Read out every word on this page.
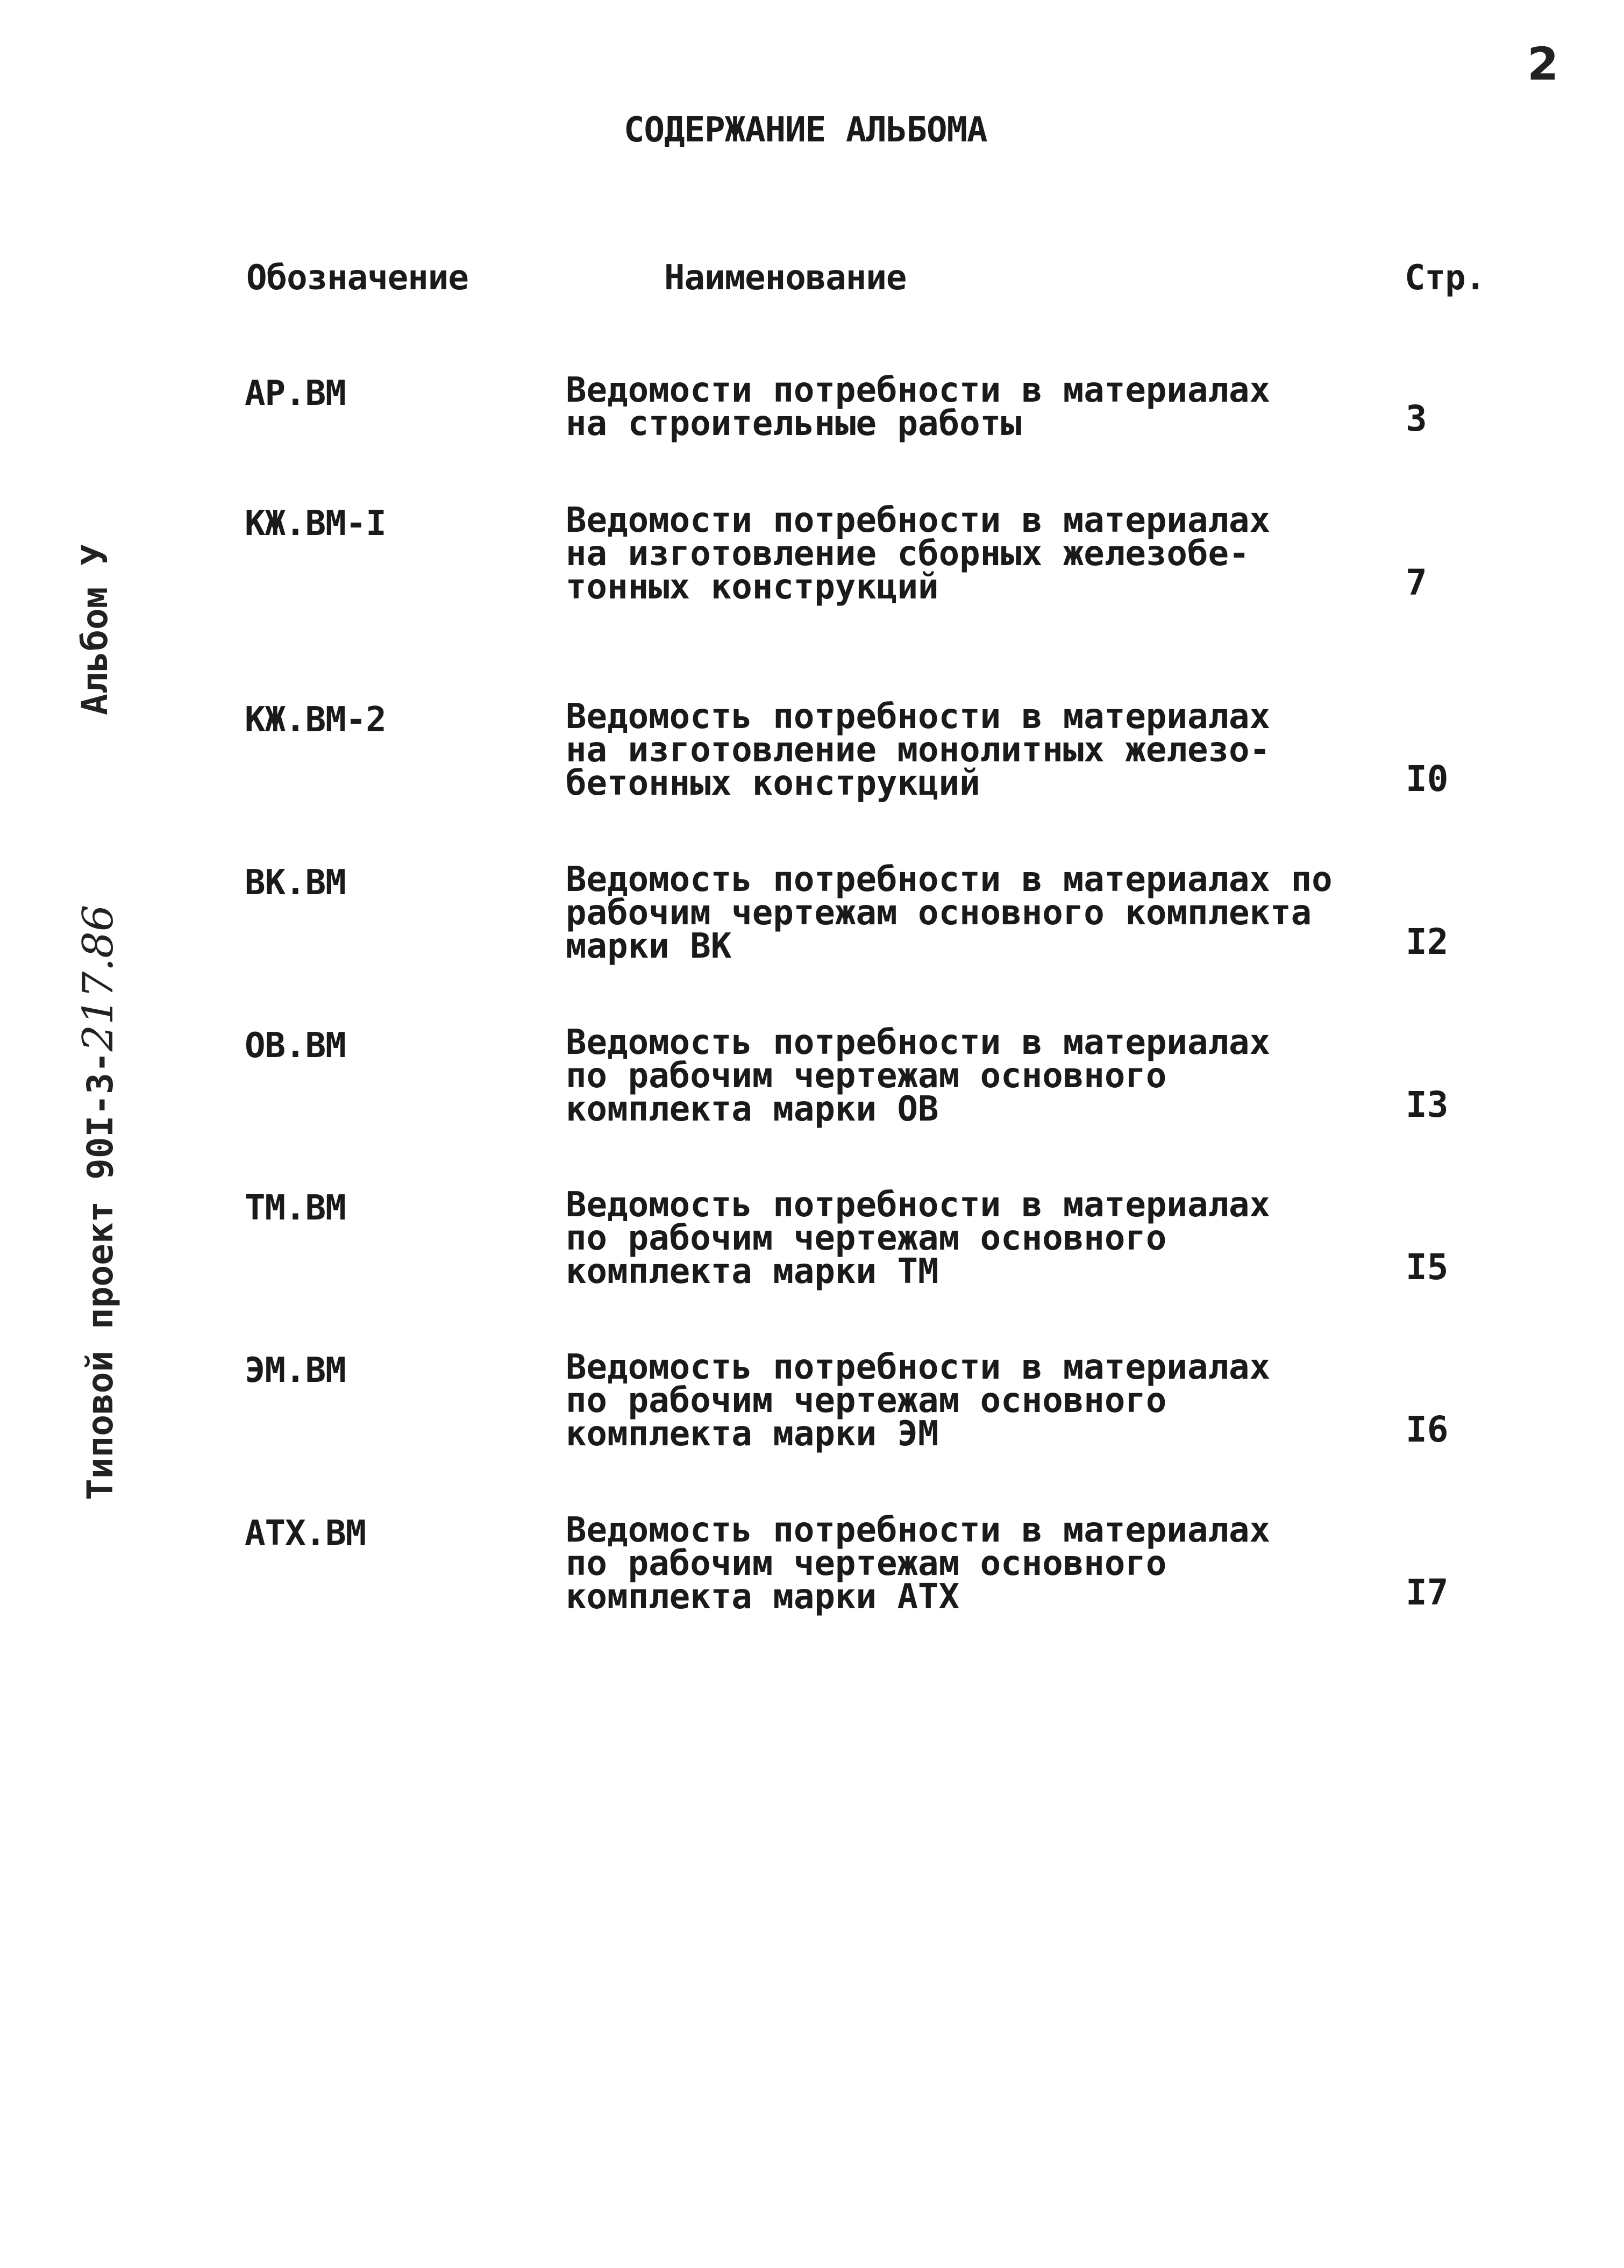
2
СОДЕРЖАНИЕ АЛЬБОМА
Альбом У
Типовой проект 90I-3-217.86
Обозначение	Наименование	Стр.
АР.ВМ	Ведомости потребности в материалах
на строительные работы	3
КЖ.ВМ-I	Ведомости потребности в материалах
на изготовление сборных железобе-
тонных конструкций	7
КЖ.ВМ-2	Ведомость потребности в материалах
на изготовление монолитных железо-
бетонных конструкций	I0
ВК.ВМ	Ведомость потребности в материалах по
рабочим чертежам основного комплекта
марки ВК	I2
ОВ.ВМ	Ведомость потребности в материалах
по рабочим чертежам основного
комплекта марки ОВ	I3
ТМ.ВМ	Ведомость потребности в материалах
по рабочим чертежам основного
комплекта марки ТМ	I5
ЭМ.ВМ	Ведомость потребности в материалах
по рабочим чертежам основного
комплекта марки ЭМ	I6
АТХ.ВМ	Ведомость потребности в материалах
по рабочим чертежам основного
комплекта марки АТХ	I7
